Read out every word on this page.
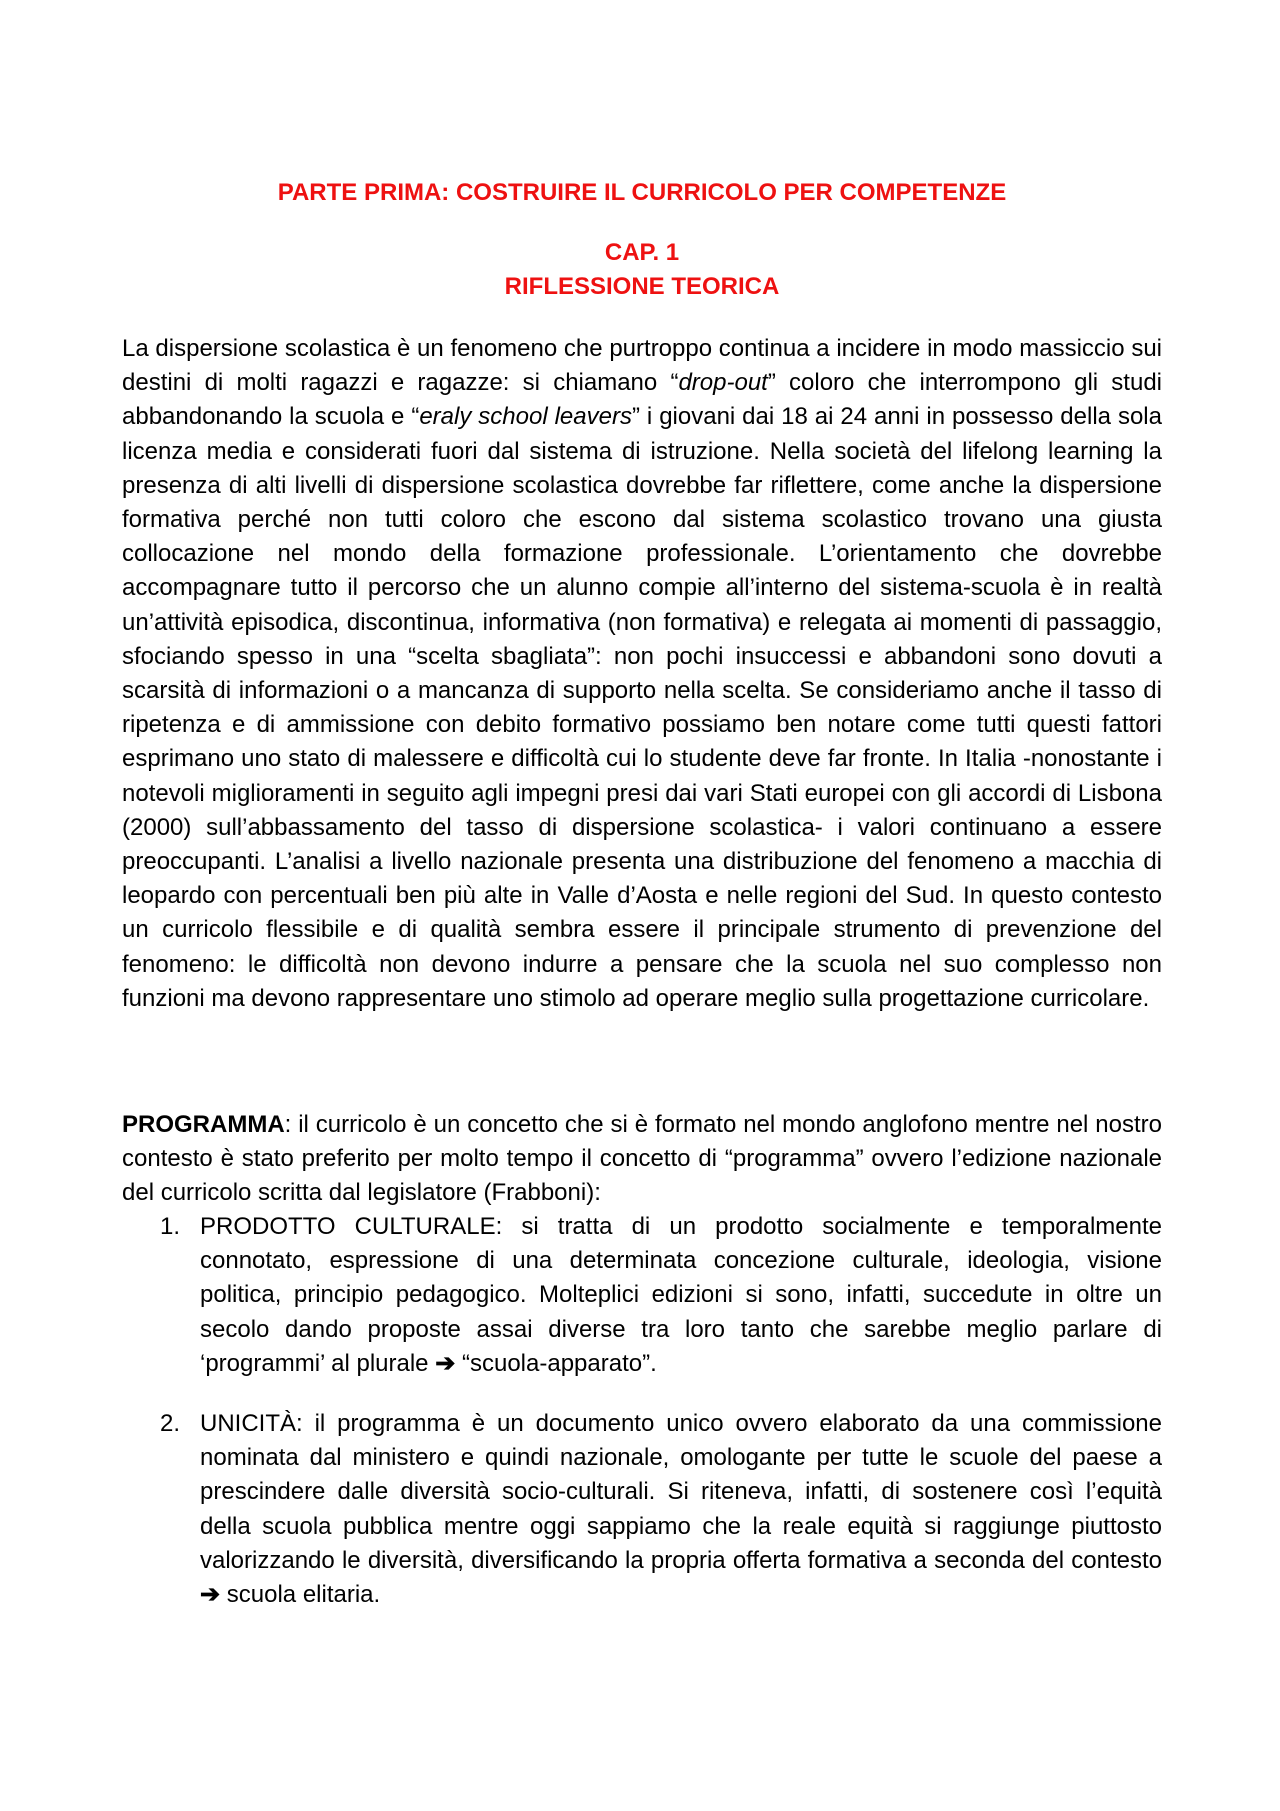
PARTE PRIMA: COSTRUIRE IL CURRICOLO PER COMPETENZE
CAP. 1
RIFLESSIONE TEORICA

La dispersione scolastica è un fenomeno che purtroppo continua a incidere in modo massiccio sui destini di molti ragazzi e ragazze: si chiamano “drop-out” coloro che interrompono gli studi abbandonando la scuola e “eraly school leavers” i giovani dai 18 ai 24 anni in possesso della sola licenza media e considerati fuori dal sistema di istruzione. Nella società del lifelong learning la presenza di alti livelli di dispersione scolastica dovrebbe far riflettere, come anche la dispersione formativa perché non tutti coloro che escono dal sistema scolastico trovano una giusta collocazione nel mondo della formazione professionale. L’orientamento che dovrebbe accompagnare tutto il percorso che un alunno compie all’interno del sistema-scuola è in realtà un’attività episodica, discontinua, informativa (non formativa) e relegata ai momenti di passaggio, sfociando spesso in una “scelta sbagliata”: non pochi insuccessi e abbandoni sono dovuti a scarsità di informazioni o a mancanza di supporto nella scelta. Se consideriamo anche il tasso di ripetenza e di ammissione con debito formativo possiamo ben notare come tutti questi fattori esprimano uno stato di malessere e difficoltà cui lo studente deve far fronte. In Italia -nonostante i notevoli miglioramenti in seguito agli impegni presi dai vari Stati europei con gli accordi di Lisbona (2000) sull’abbassamento del tasso di dispersione scolastica- i valori continuano a essere preoccupanti. L’analisi a livello nazionale presenta una distribuzione del fenomeno a macchia di leopardo con percentuali ben più alte in Valle d’Aosta e nelle regioni del Sud. In questo contesto un curricolo flessibile e di qualità sembra essere il principale strumento di prevenzione del fenomeno: le difficoltà non devono indurre a pensare che la scuola nel suo complesso non funzioni ma devono rappresentare uno stimolo ad operare meglio sulla progettazione curricolare.

PROGRAMMA: il curricolo è un concetto che si è formato nel mondo anglofono mentre nel nostro contesto è stato preferito per molto tempo il concetto di “programma” ovvero l’edizione nazionale del curricolo scritta dal legislatore (Frabboni):

1. PRODOTTO CULTURALE: si tratta di un prodotto socialmente e temporalmente connotato, espressione di una determinata concezione culturale, ideologia, visione politica, principio pedagogico. Molteplici edizioni si sono, infatti, succedute in oltre un secolo dando proposte assai diverse tra loro tanto che sarebbe meglio parlare di ‘programmi’ al plurale ➔ “scuola-apparato”.
2. UNICITÀ: il programma è un documento unico ovvero elaborato da una commissione nominata dal ministero e quindi nazionale, omologante per tutte le scuole del paese a prescindere dalle diversità socio-culturali. Si riteneva, infatti, di sostenere così l’equità della scuola pubblica mentre oggi sappiamo che la reale equità si raggiunge piuttosto valorizzando le diversità, diversificando la propria offerta formativa a seconda del contesto ➔ scuola elitaria.
